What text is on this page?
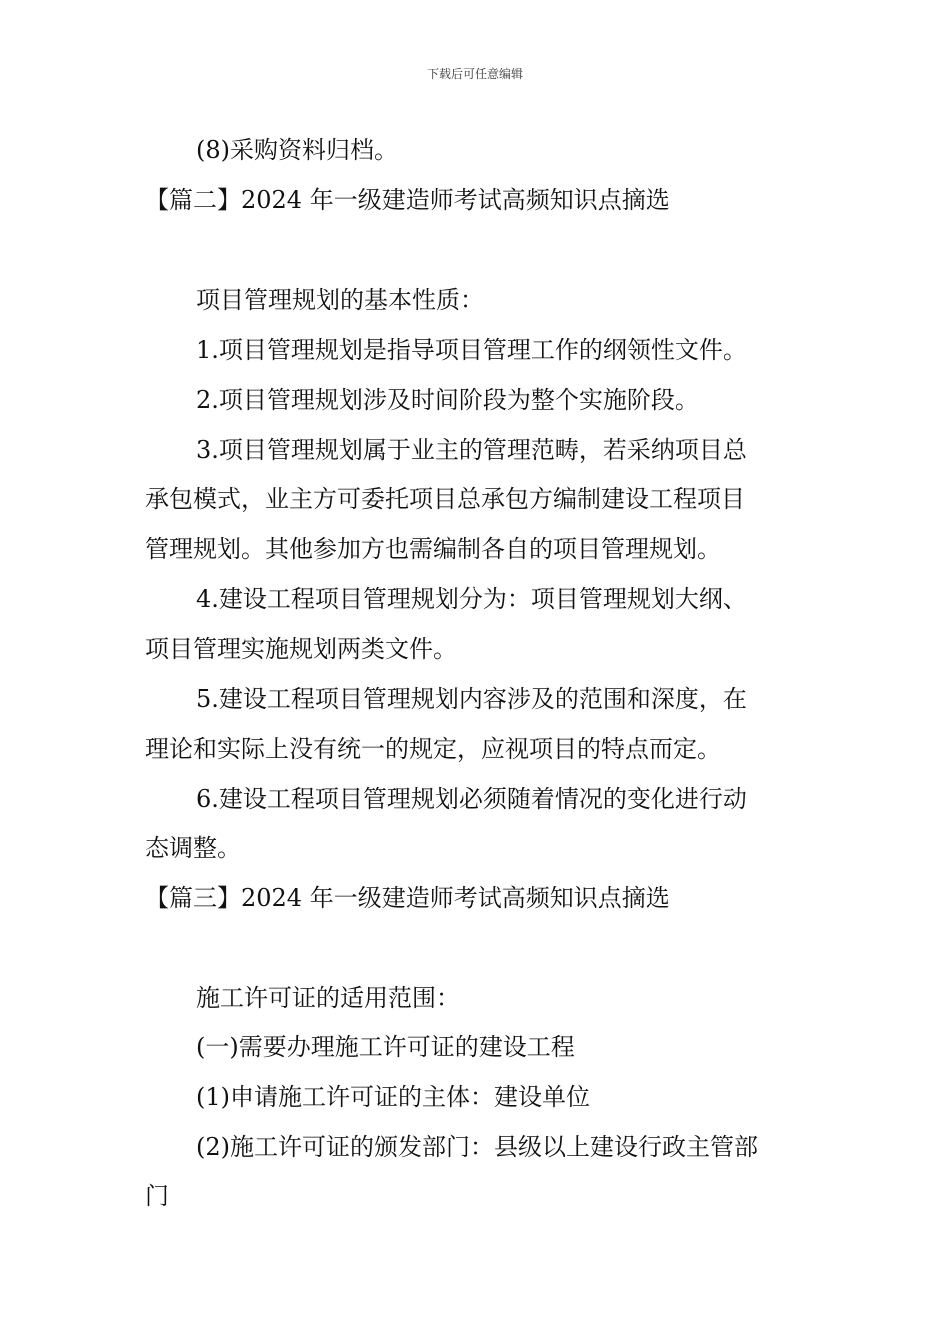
下载后可任意编辑
(8)采购资料归档。
【篇二】2024 年一级建造师考试高频知识点摘选
项目管理规划的基本性质：
1.项目管理规划是指导项目管理工作的纲领性文件。
2.项目管理规划涉及时间阶段为整个实施阶段。
3.项目管理规划属于业主的管理范畴，若采纳项目总
承包模式，业主方可委托项目总承包方编制建设工程项目
管理规划。其他参加方也需编制各自的项目管理规划。
4.建设工程项目管理规划分为：项目管理规划大纲、
项目管理实施规划两类文件。
5.建设工程项目管理规划内容涉及的范围和深度，在
理论和实际上没有统一的规定，应视项目的特点而定。
6.建设工程项目管理规划必须随着情况的变化进行动
态调整。
【篇三】2024 年一级建造师考试高频知识点摘选
施工许可证的适用范围：
(一)需要办理施工许可证的建设工程
(1)申请施工许可证的主体：建设单位
(2)施工许可证的颁发部门：县级以上建设行政主管部
门
